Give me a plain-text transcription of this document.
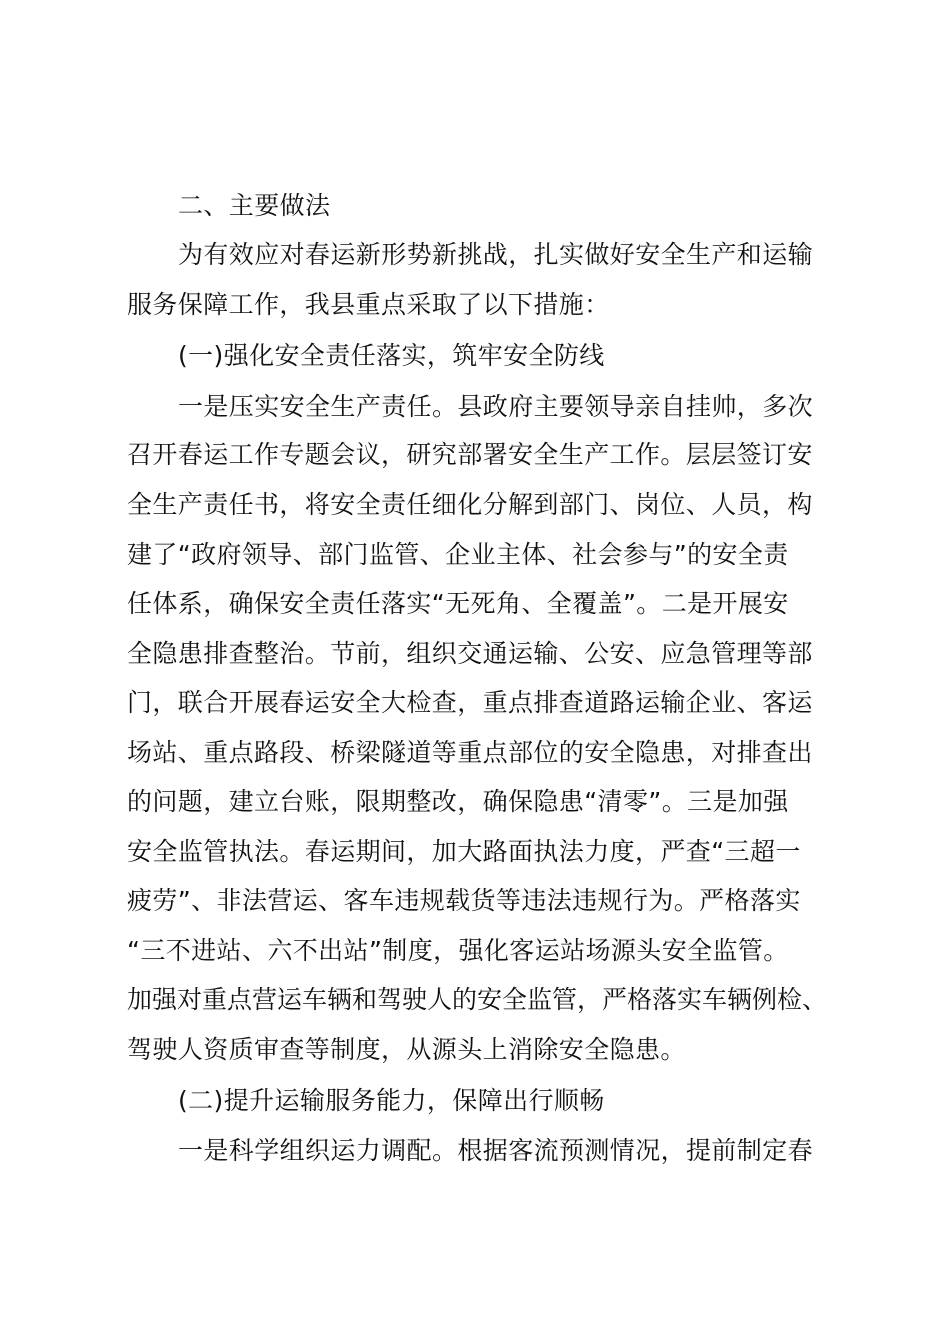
二、主要做法
为有效应对春运新形势新挑战，扎实做好安全生产和运输
服务保障工作，我县重点采取了以下措施：
(一)强化安全责任落实，筑牢安全防线
一是压实安全生产责任。县政府主要领导亲自挂帅，多次
召开春运工作专题会议，研究部署安全生产工作。层层签订安
全生产责任书，将安全责任细化分解到部门、岗位、人员，构
建了“政府领导、部门监管、企业主体、社会参与”的安全责
任体系，确保安全责任落实“无死角、全覆盖”。二是开展安
全隐患排查整治。节前，组织交通运输、公安、应急管理等部
门，联合开展春运安全大检查，重点排查道路运输企业、客运
场站、重点路段、桥梁隧道等重点部位的安全隐患，对排查出
的问题，建立台账，限期整改，确保隐患“清零”。三是加强
安全监管执法。春运期间，加大路面执法力度，严查“三超一
疲劳”、非法营运、客车违规载货等违法违规行为。严格落实
“三不进站、六不出站”制度，强化客运站场源头安全监管。
加强对重点营运车辆和驾驶人的安全监管，严格落实车辆例检、
驾驶人资质审查等制度，从源头上消除安全隐患。
(二)提升运输服务能力，保障出行顺畅
一是科学组织运力调配。根据客流预测情况，提前制定春
